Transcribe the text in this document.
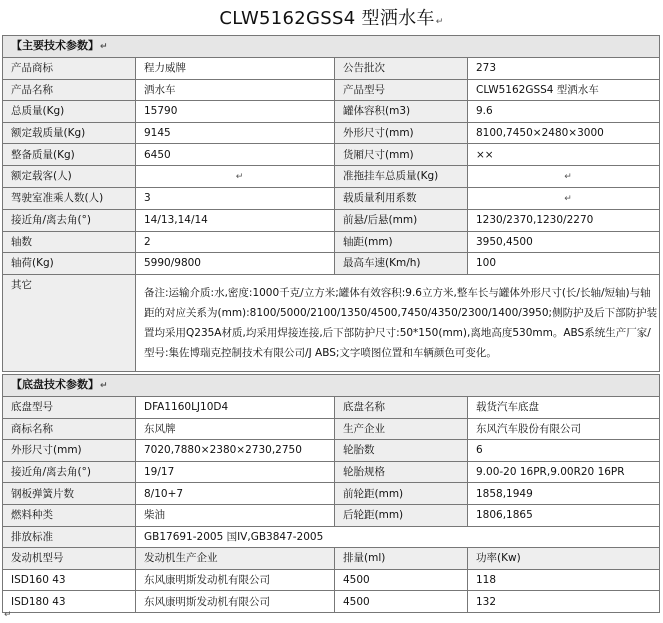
CLW5162GSS4 型洒水车↵
【主要技术参数】↵			
产品商标	程力威牌	公告批次	273
产品名称	洒水车	产品型号	CLW5162GSS4 型洒水车
总质量(Kg)	15790	罐体容积(m3)	9.6
额定载质量(Kg)	9145	外形尺寸(mm)	8100,7450×2480×3000
整备质量(Kg)	6450	货厢尺寸(mm)	××
额定载客(人)	↵	准拖挂车总质量(Kg)	↵
驾驶室准乘人数(人)	3	载质量利用系数	↵
接近角/离去角(°)	14/13,14/14	前悬/后悬(mm)	1230/2370,1230/2270
轴数	2	轴距(mm)	3950,4500
轴荷(Kg)	5990/9800	最高车速(Km/h)	100
其它	备注:运输介质:水,密度:1000千克/立方米;罐体有效容积:9.6立方米,整车长与罐体外形尺寸(长/长轴/短轴)与轴距的对应关系为(mm):8100/5000/2100/1350/4500,7450/4350/2300/1400/3950;侧防护及后下部防护装置均采用Q235A材质,均采用焊接连接,后下部防护尺寸:50*150(mm),离地高度530mm。ABS系统生产厂家/型号:集佐博瑞克控制技术有限公司/J ABS;文字喷图位置和车辆颜色可变化。		
【底盘技术参数】↵			
底盘型号	DFA1160LJ10D4	底盘名称	载货汽车底盘
商标名称	东风牌	生产企业	东风汽车股份有限公司
外形尺寸(mm)	7020,7880×2380×2730,2750	轮胎数	6
接近角/离去角(°)	19/17	轮胎规格	9.00-20 16PR,9.00R20 16PR
钢板弹簧片数	8/10+7	前轮距(mm)	1858,1949
燃料种类	柴油	后轮距(mm)	1806,1865
排放标准	GB17691-2005 国IV,GB3847-2005		
发动机型号	发动机生产企业	排量(ml)	功率(Kw)
ISD160 43	东风康明斯发动机有限公司	4500	118
ISD180 43	东风康明斯发动机有限公司	4500	132
↵
